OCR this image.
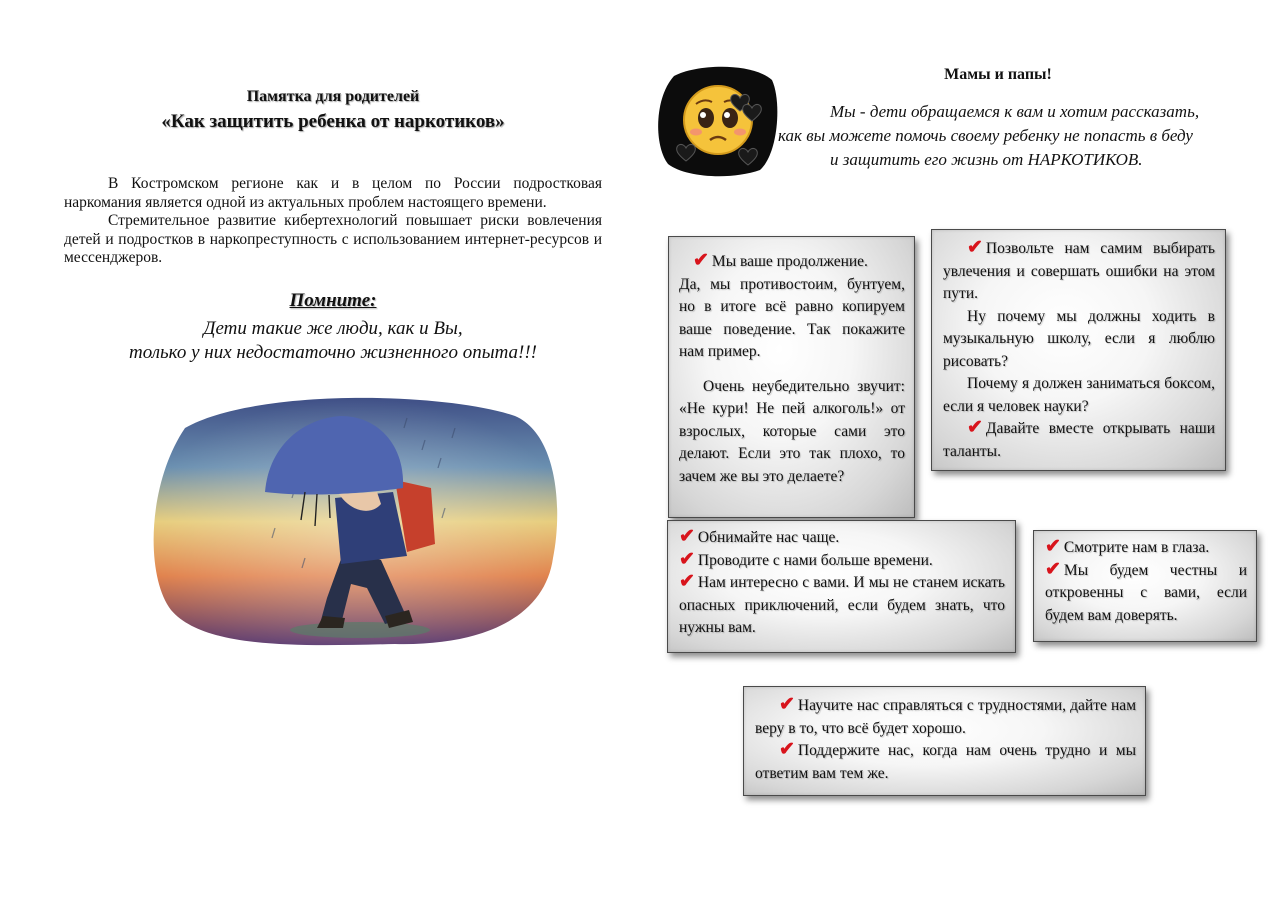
Памятка для родителей

«Как защитить ребенка от наркотиков»

В Костромском регионе как и в целом по России подростковая наркомания является одной из актуальных проблем настоящего времени.

Стремительное развитие кибертехнологий повышает риски вовлечения детей и подростков в наркопреступность с использованием интернет-ресурсов и мессенджеров.

Помните:
Дети такие же люди, как и Вы,
только у них недостаточно жизненного опыта!!!
Мамы и папы!
Мы - дети обращаемся к вам и хотим рассказать,
как вы можете помочь своему ребенку не попасть в беду
и защитить его жизнь от НАРКОТИКОВ.

✔ Мы ваше продолжение.

Да, мы противостоим, бунтуем, но в итоге всё равно копируем ваше поведение. Так покажите нам пример.

Очень неубедительно звучит: «Не кури! Не пей алкоголь!» от взрослых, которые сами это делают. Если это так плохо, то зачем же вы это делаете?

✔ Позвольте нам самим выбирать увлечения и совершать ошибки на этом пути.

Ну почему мы должны ходить в музыкальную школу, если я люблю рисовать?

Почему я должен заниматься боксом, если я человек науки?

✔ Давайте вместе открывать наши таланты.

✔ Обнимайте нас чаще.

✔ Проводите с нами больше времени.

✔ Нам интересно с вами. И мы не станем искать опасных приключений, если будем знать, что нужны вам.

✔ Смотрите нам в глаза.

✔ Мы будем честны и откровенны с вами, если будем вам доверять.

✔ Научите нас справляться с трудностями, дайте нам веру в то, что всё будет хорошо.

✔ Поддержите нас, когда нам очень трудно и мы ответим вам тем же.
